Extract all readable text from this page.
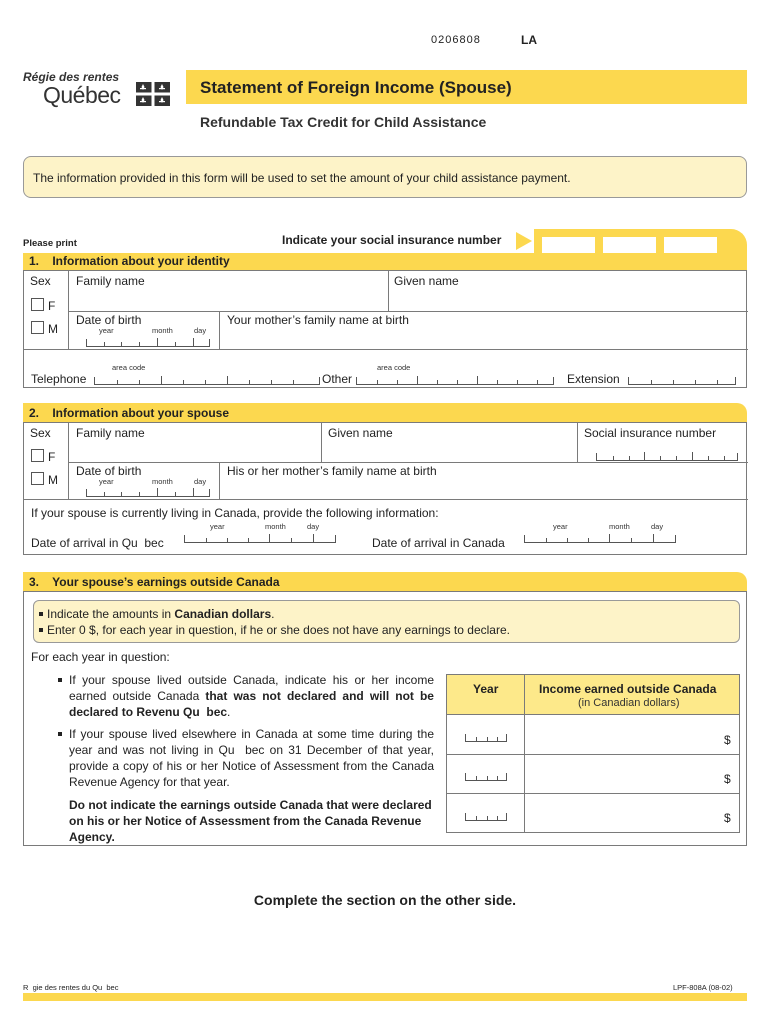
0206808	LA
Régie des rentes
Québec	Statement of Foreign Income (Spouse)
Refundable Tax Credit for Child Assistance
The information provided in this form will be used to set the amount of your child assistance payment.
Please print	Indicate your social insurance number
1.    Information about your identity
Sex Family name	Given name
F
M
Date of birth
year	month	day
Your mother’s family name at birth
area code	area code
Telephone	Other	Extension
2.    Information about your spouse
Sex Family name	Given name	Social insurance number
F
M
Date of birth
year	month	day
His or her mother’s family name at birth
If your spouse is currently living in Canada, provide the following information:
year	month	day
Date of arrival in Qu  bec
year	month	day
Date of arrival in Canada
3.    Your spouse’s earnings outside Canada
Indicate the amounts in Canadian dollars.
Enter 0 $, for each year in question, if he or she does not have any earnings to declare.
For each year in question:
If your spouse lived outside Canada, indicate his or her income earned outside Canada that was not declared and will not be declared to Revenu Qu  bec.
If your spouse lived elsewhere in Canada at some time during the year and was not living in Qu  bec on 31 December of that year, provide a copy of his or her Notice of Assessment from the Canada Revenue Agency for that year.
Do not indicate the earnings outside Canada that were declared on his or her Notice of Assessment from the Canada Revenue Agency.
Year	Income earned outside Canada
(in Canadian dollars)
$
$
$
Complete the section on the other side.
R  gie des rentes du Qu  bec	LPF-808A (08-02)
